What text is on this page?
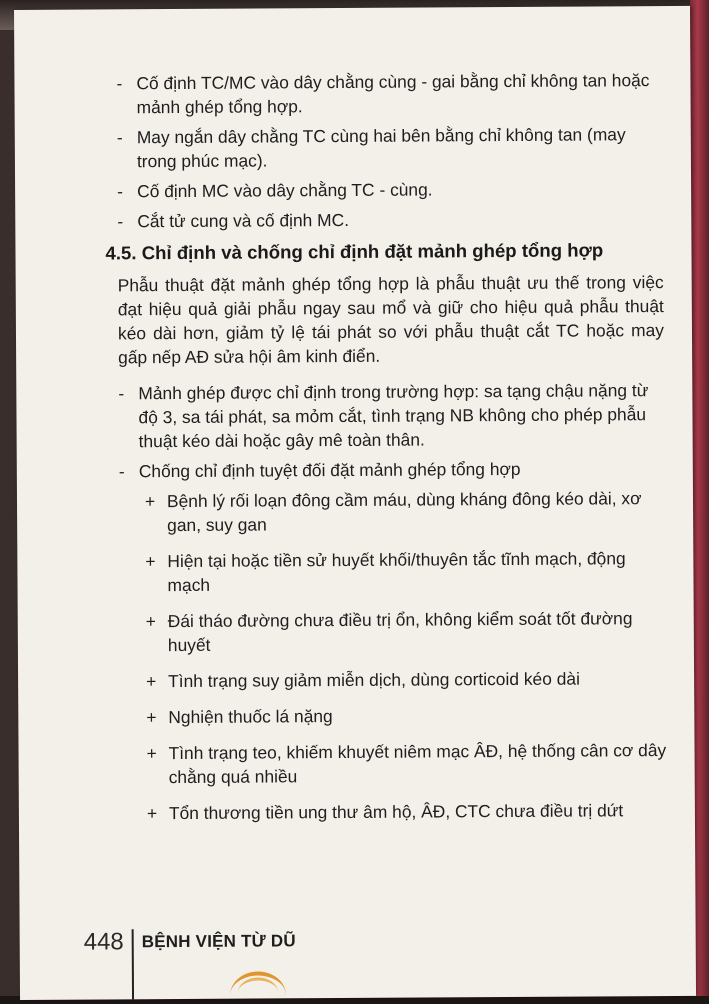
- Cố định TC/MC vào dây chằng cùng - gai bằng chỉ không tan hoặc mảnh ghép tổng hợp.
- May ngắn dây chằng TC cùng hai bên bằng chỉ không tan (may trong phúc mạc).
- Cố định MC vào dây chằng TC - cùng.
- Cắt tử cung và cố định MC.
4.5. Chỉ định và chống chỉ định đặt mảnh ghép tổng hợp
Phẫu thuật đặt mảnh ghép tổng hợp là phẫu thuật ưu thế trong việc đạt hiệu quả giải phẫu ngay sau mổ và giữ cho hiệu quả phẫu thuật kéo dài hơn, giảm tỷ lệ tái phát so với phẫu thuật cắt TC hoặc may gấp nếp AĐ sửa hội âm kinh điển.
- Mảnh ghép được chỉ định trong trường hợp: sa tạng chậu nặng từ độ 3, sa tái phát, sa mỏm cắt, tình trạng NB không cho phép phẫu thuật kéo dài hoặc gây mê toàn thân.
- Chống chỉ định tuyệt đối đặt mảnh ghép tổng hợp
+ Bệnh lý rối loạn đông cầm máu, dùng kháng đông kéo dài, xơ gan, suy gan
+ Hiện tại hoặc tiền sử huyết khối/thuyên tắc tĩnh mạch, động mạch
+ Đái tháo đường chưa điều trị ổn, không kiểm soát tốt đường huyết
+ Tình trạng suy giảm miễn dịch, dùng corticoid kéo dài
+ Nghiện thuốc lá nặng
+ Tình trạng teo, khiếm khuyết niêm mạc ÂĐ, hệ thống cân cơ dây chằng quá nhiều
+ Tổn thương tiền ung thư âm hộ, ÂĐ, CTC chưa điều trị dứt
448 BỆNH VIỆN TỪ DŨ
